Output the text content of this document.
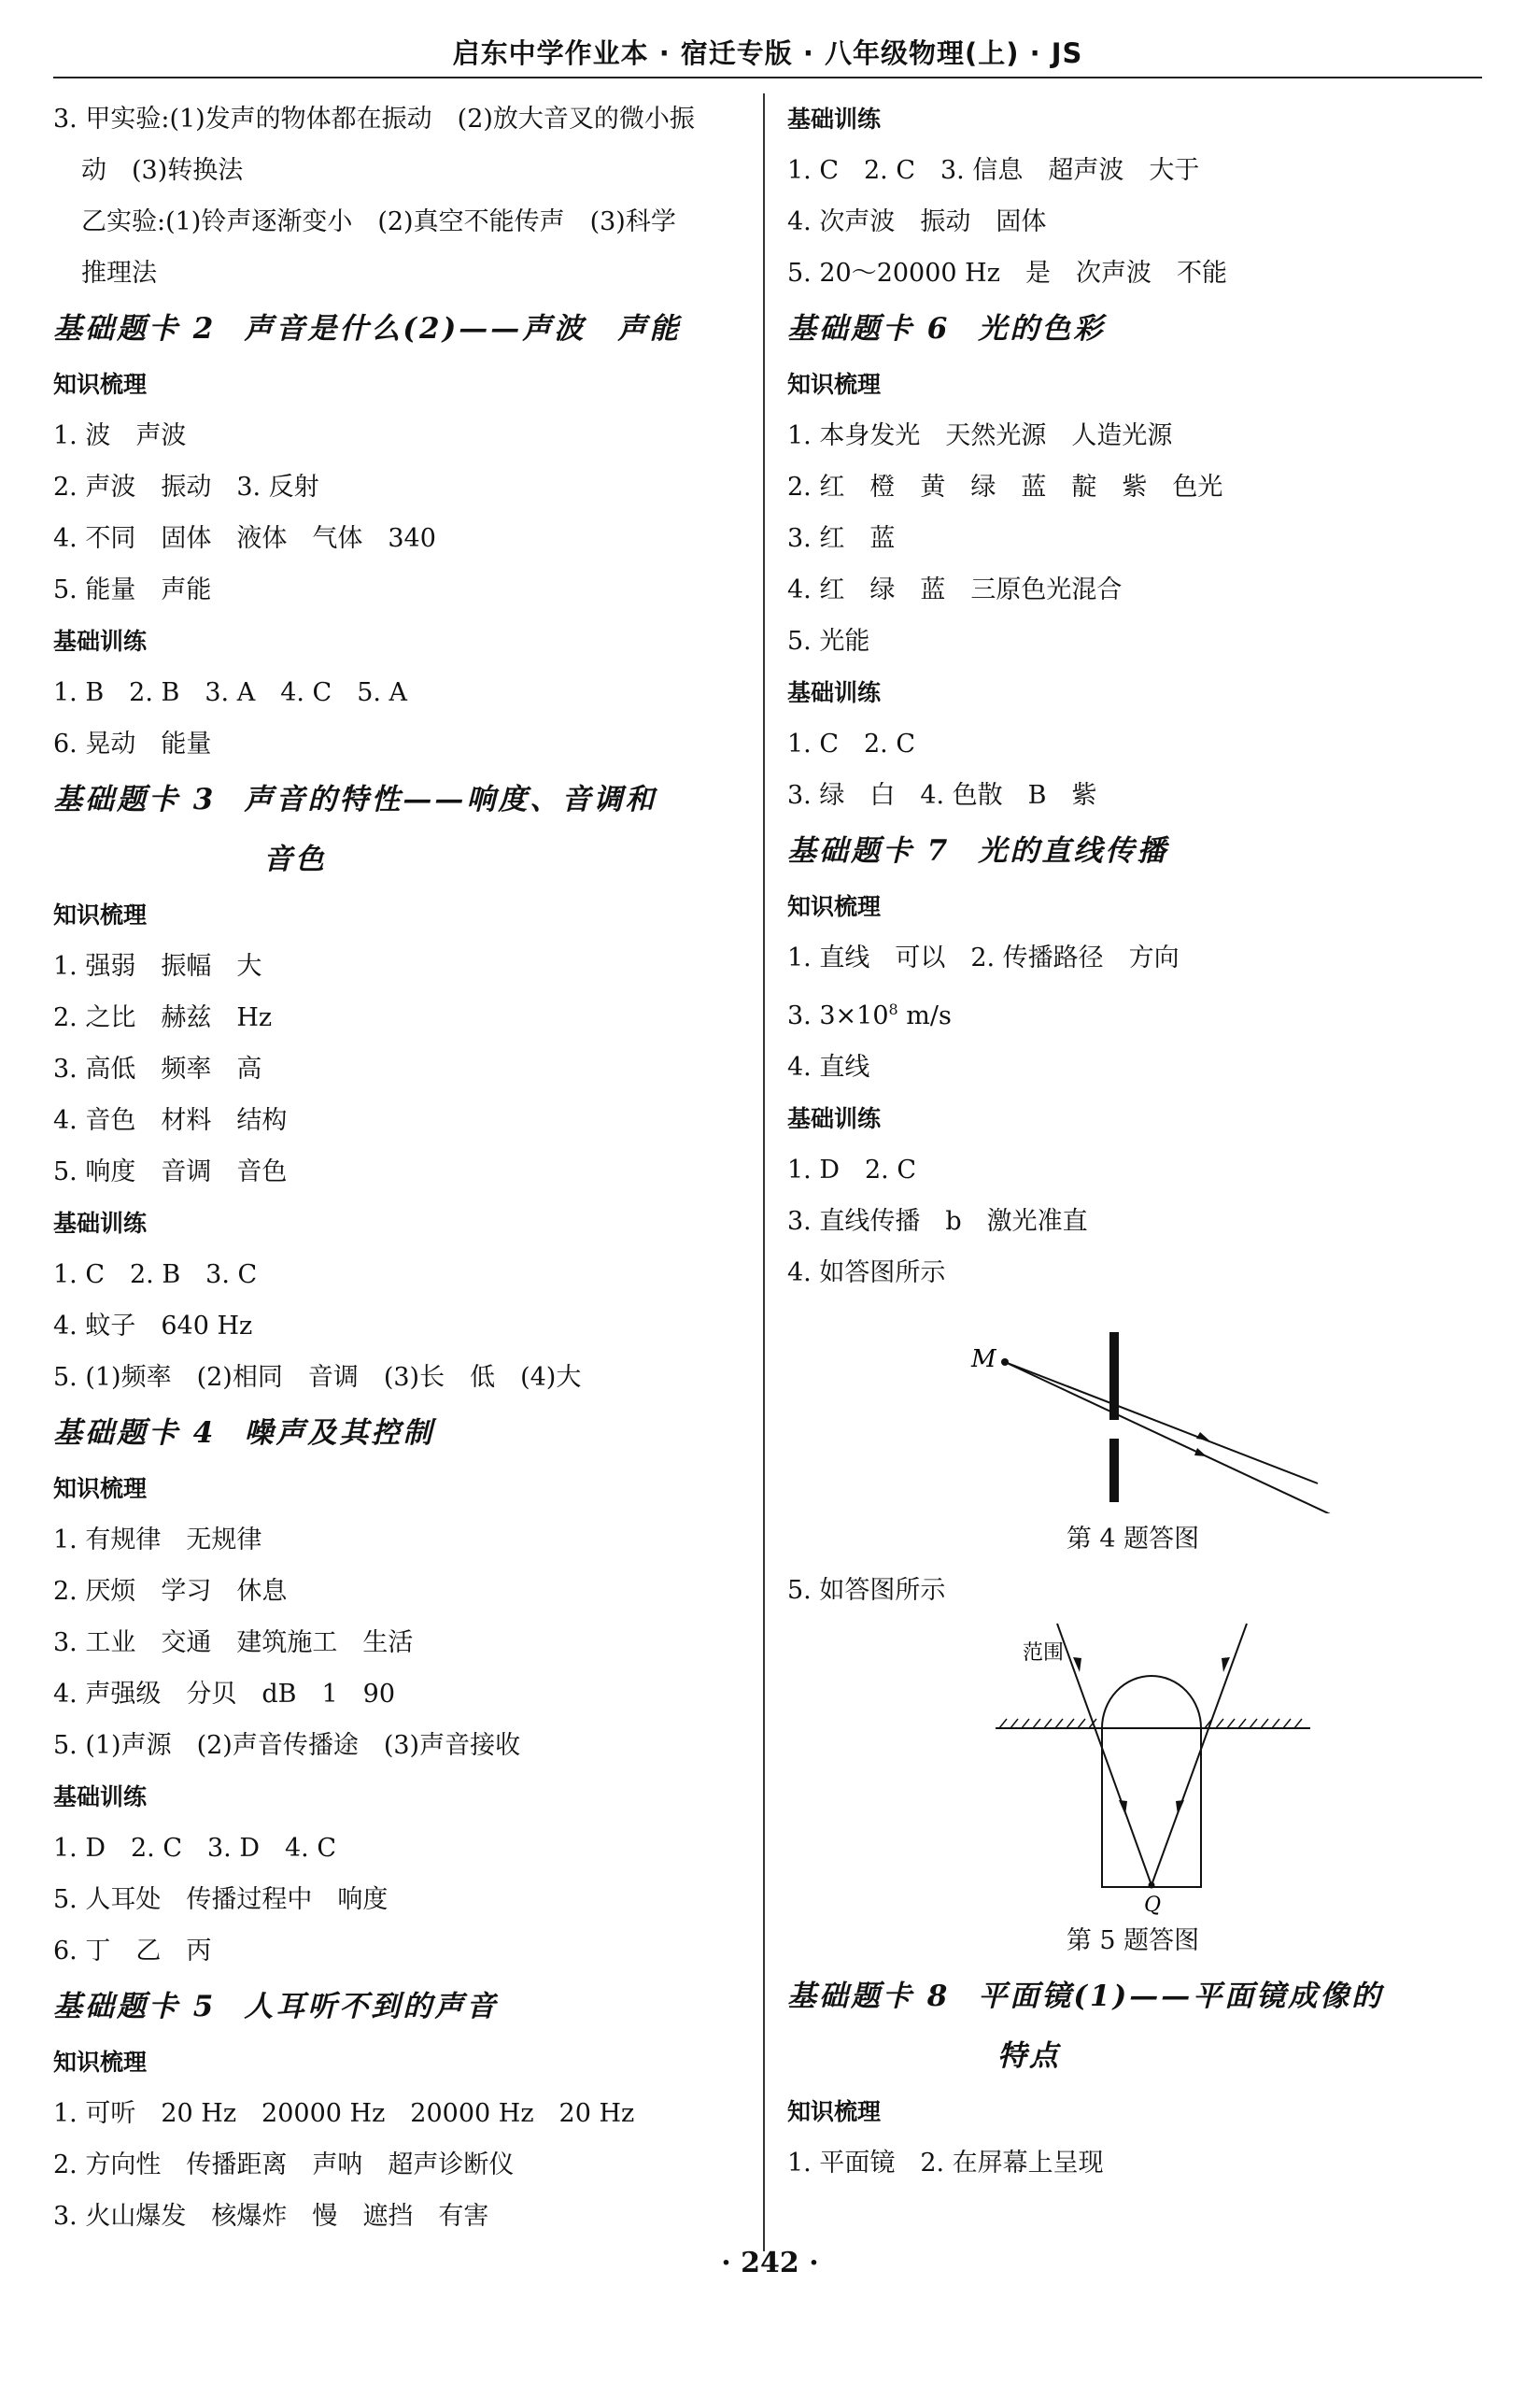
启东中学作业本 · 宿迁专版 · 八年级物理(上) · JS
3. 甲实验:(1)发声的物体都在振动　(2)放大音叉的微小振
动　(3)转换法
乙实验:(1)铃声逐渐变小　(2)真空不能传声　(3)科学
推理法
基础题卡 2 声音是什么(2)——声波　声能
知识梳理
1. 波　声波
2. 声波　振动　3. 反射
4. 不同　固体　液体　气体　340
5. 能量　声能
基础训练
1. B　2. B　3. A　4. C　5. A
6. 晃动　能量
基础题卡 3 声音的特性——响度、音调和
音色
知识梳理
1. 强弱　振幅　大
2. 之比　赫兹　Hz
3. 高低　频率　高
4. 音色　材料　结构
5. 响度　音调　音色
基础训练
1. C　2. B　3. C
4. 蚊子　640 Hz
5. (1)频率　(2)相同　音调　(3)长　低　(4)大
基础题卡 4 噪声及其控制
知识梳理
1. 有规律　无规律
2. 厌烦　学习　休息
3. 工业　交通　建筑施工　生活
4. 声强级　分贝　dB　1　90
5. (1)声源　(2)声音传播途　(3)声音接收
基础训练
1. D　2. C　3. D　4. C
5. 人耳处　传播过程中　响度
6. 丁　乙　丙
基础题卡 5 人耳听不到的声音
知识梳理
1. 可听　20 Hz　20000 Hz　20000 Hz　20 Hz
2. 方向性　传播距离　声呐　超声诊断仪
3. 火山爆发　核爆炸　慢　遮挡　有害
基础训练
1. C　2. C　3. 信息　超声波　大于
4. 次声波　振动　固体
5. 20～20000 Hz　是　次声波　不能
基础题卡 6 光的色彩
知识梳理
1. 本身发光　天然光源　人造光源
2. 红　橙　黄　绿　蓝　靛　紫　色光
3. 红　蓝
4. 红　绿　蓝　三原色光混合
5. 光能
基础训练
1. C　2. C
3. 绿　白　4. 色散　B　紫
基础题卡 7 光的直线传播
知识梳理
1. 直线　可以　2. 传播路径　方向
3. $3\times 10^8$ m/s
4. 直线
基础训练
1. D　2. C
3. 直线传播　b　激光准直
4. 如答图所示
M
第 4 题答图
5. 如答图所示
范围
Q
第 5 题答图
基础题卡 8 平面镜(1)——平面镜成像的
特点
知识梳理
1. 平面镜　2. 在屏幕上呈现
· 242 ·
